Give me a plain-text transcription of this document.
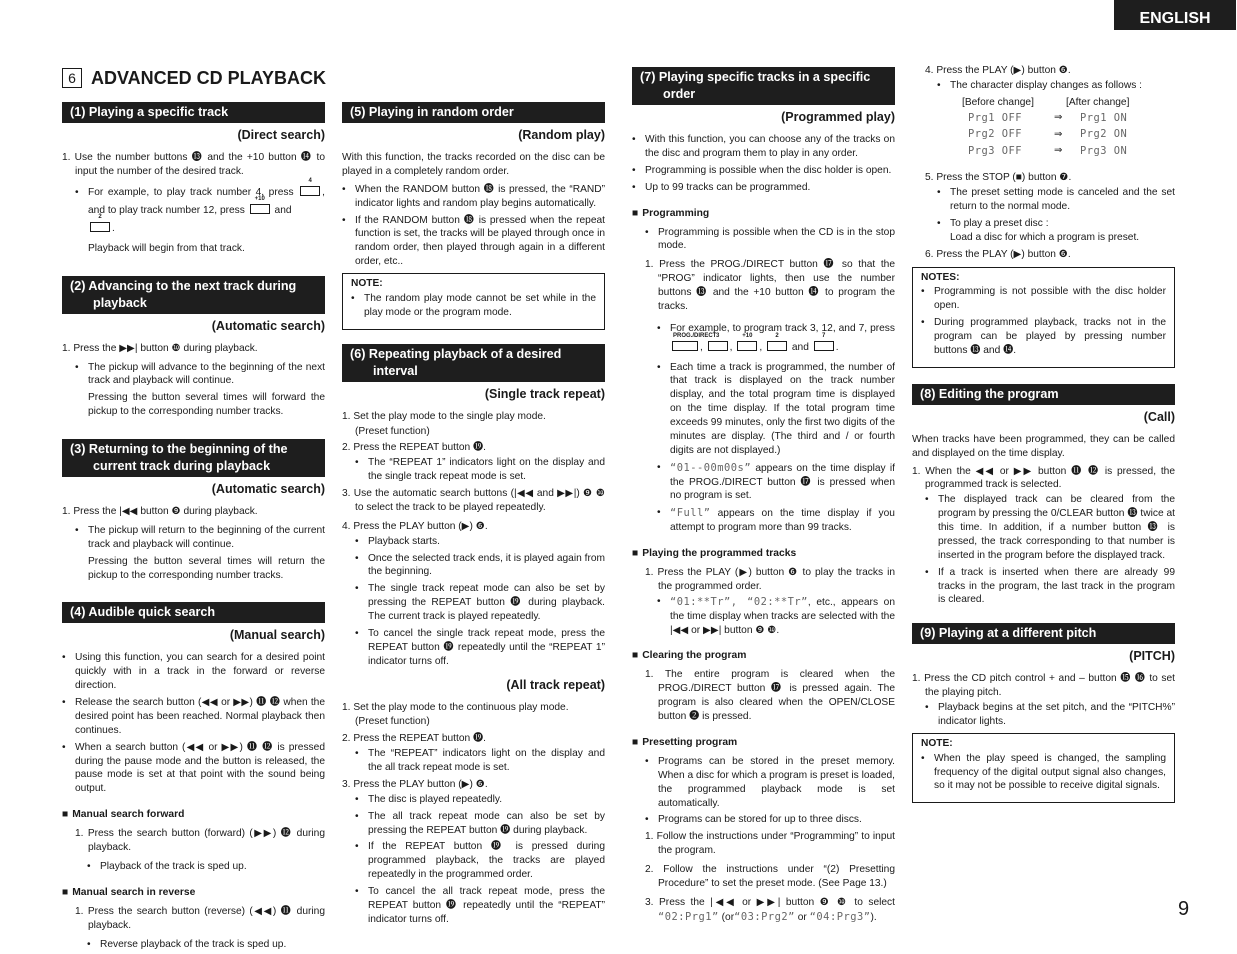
ENGLISH
6 ADVANCED CD PLAYBACK
(1) Playing a specific track
(Direct search)
1. Use the number buttons ⓭ and the +10 button ⓮ to input the number of the desired track.
• For example, to play track number 4, press
4
, and to play track number 12, press
+10
and

2
.
Playback will begin from that track.
(2) Advancing to the next track during playback
(Automatic search)
1. Press the ▶▶| button ❿ during playback.
• The pickup will advance to the beginning of the next track and playback will continue.
Pressing the button several times will forward the pickup to the corresponding number tracks.
(3) Returning to the beginning of the current track during playback
(Automatic search)
1. Press the |◀◀ button ❾ during playback.
• The pickup will return to the beginning of the current track and playback will continue.
Pressing the button several times will return the pickup to the corresponding number tracks.
(4) Audible quick search
(Manual search)
• Using this function, you can search for a desired point quickly with in a track in the forward or reverse direction.
• Release the search button (◀◀ or ▶▶) ⓫ ⓬ when the desired point has been reached. Normal playback then continues.
• When a search button (◀◀ or ▶▶) ⓫ ⓬ is pressed during the pause mode and the button is released, the pause mode is set at that point with the sound being output.
■ Manual search forward
1. Press the search button (forward) (▶▶) ⓬ during playback.
• Playback of the track is sped up.
■ Manual search in reverse
1. Press the search button (reverse) (◀◀) ⓫ during playback.
• Reverse playback of the track is sped up.
(5) Playing in random order
(Random play)
With this function, the tracks recorded on the disc can be played in a completely random order.
• When the RANDOM button ⓲ is pressed, the “RAND” indicator lights and random play begins automatically.
• If the RANDOM button ⓲ is pressed when the repeat function is set, the tracks will be played through once in random order, then played through again in a different order, etc..
NOTE:
• The random play mode cannot be set while in the play mode or the program mode.
(6) Repeating playback of a desired interval
(Single track repeat)
1. Set the play mode to the single play mode.
(Preset function)
2. Press the REPEAT button ⓳.
• The “REPEAT 1” indicators light on the display and the single track repeat mode is set.
3. Use the automatic search buttons (|◀◀ and ▶▶|) ❾ ❿ to select the track to be played repeatedly.
4. Press the PLAY button (▶) ❻.
• Playback starts.
• Once the selected track ends, it is played again from the beginning.
• The single track repeat mode can also be set by pressing the REPEAT button ⓳ during playback. The current track is played repeatedly.
• To cancel the single track repeat mode, press the REPEAT button ⓳ repeatedly until the “REPEAT 1” indicator turns off.
(All track repeat)
1. Set the play mode to the continuous play mode.
(Preset function)
2. Press the REPEAT button ⓳.
• The “REPEAT” indicators light on the display and the all track repeat mode is set.
3. Press the PLAY button (▶) ❻.
• The disc is played repeatedly.
• The all track repeat mode can also be set by pressing the REPEAT button ⓳ during playback.
• If the REPEAT button ⓳ is pressed during programmed playback, the tracks are played repeatedly in the programmed order.
• To cancel the all track repeat mode, press the REPEAT button ⓳ repeatedly until the “REPEAT” indicator turns off.
(7) Playing specific tracks in a specific order
(Programmed play)
• With this function, you can choose any of the tracks on the disc and program them to play in any order.
• Programming is possible when the disc holder is open.
• Up to 99 tracks can be programmed.
■ Programming
• Programming is possible when the CD is in the stop mode.
1. Press the PROG./DIRECT button ⓱ so that the “PROG” indicator lights, then use the number buttons ⓭ and the +10 button ⓮ to program the tracks.
• For example, to program track 3, 12, and 7, press
PROG./DIRECT
,
3
,
+10
,
2
and
7
.
• Each time a track is programmed, the number of that track is displayed on the track number display, and the total program time is displayed on the time display. If the total program time exceeds 99 minutes, only the first two digits of the minutes are display. (The third and / or fourth digits are not displayed.)
• “01--00m00s” appears on the time display if the PROG./DIRECT button ⓱ is pressed when no program is set.
• “Full” appears on the time display if you attempt to program more than 99 tracks.
■ Playing the programmed tracks
1. Press the PLAY (▶) button ❻ to play the tracks in the programmed order.
• “01:**Tr”, “02:**Tr”, etc., appears on the time display when tracks are selected with the |◀◀ or ▶▶| button ❾ ❿.
■ Clearing the program
1. The entire program is cleared when the PROG./DIRECT button ⓱ is pressed again. The program is also cleared when the OPEN/CLOSE button ❷ is pressed.
■ Presetting program
• Programs can be stored in the preset memory. When a disc for which a program is preset is loaded, the programmed playback mode is set automatically.
• Programs can be stored for up to three discs.
1. Follow the instructions under “Programming” to input the program.
2. Follow the instructions under “(2) Presetting Procedure” to set the preset mode. (See Page 13.)
3. Press the |◀◀ or ▶▶| button ❾ ❿ to select “02:Prg1” (or“03:Prg2” or “04:Prg3”).
4. Press the PLAY (▶) button ❻.
• The character display changes as follows :
[Before change]	[After change]
Prg1 OFF	⇒	Prg1 ON
Prg2 OFF	⇒	Prg2 ON
Prg3 OFF	⇒	Prg3 ON
5. Press the STOP (■) button ❼.
• The preset setting mode is canceled and the set return to the normal mode.
• To play a preset disc :
Load a disc for which a program is preset.
6. Press the PLAY (▶) button ❻.
NOTES:
• Programming is not possible with the disc holder open.
• During programmed playback, tracks not in the program can be played by pressing number buttons ⓭ and ⓮.
(8) Editing the program
(Call)
When tracks have been programmed, they can be called and displayed on the time display.
1. When the ◀◀ or ▶▶ button ⓫ ⓬ is pressed, the programmed track is selected.
• The displayed track can be cleared from the program by pressing the 0/CLEAR button ⓭ twice at this time. In addition, if a number button ⓭ is pressed, the track corresponding to that number is inserted in the program before the displayed track.
• If a track is inserted when there are already 99 tracks in the program, the last track in the program is cleared.
(9) Playing at a different pitch
(PITCH)
1. Press the CD pitch control + and – button ⓯ ⓰ to set the playing pitch.
• Playback begins at the set pitch, and the “PITCH%” indicator lights.
NOTE:
• When the play speed is changed, the sampling frequency of the digital output signal also changes, so it may not be possible to receive digital signals.
9
